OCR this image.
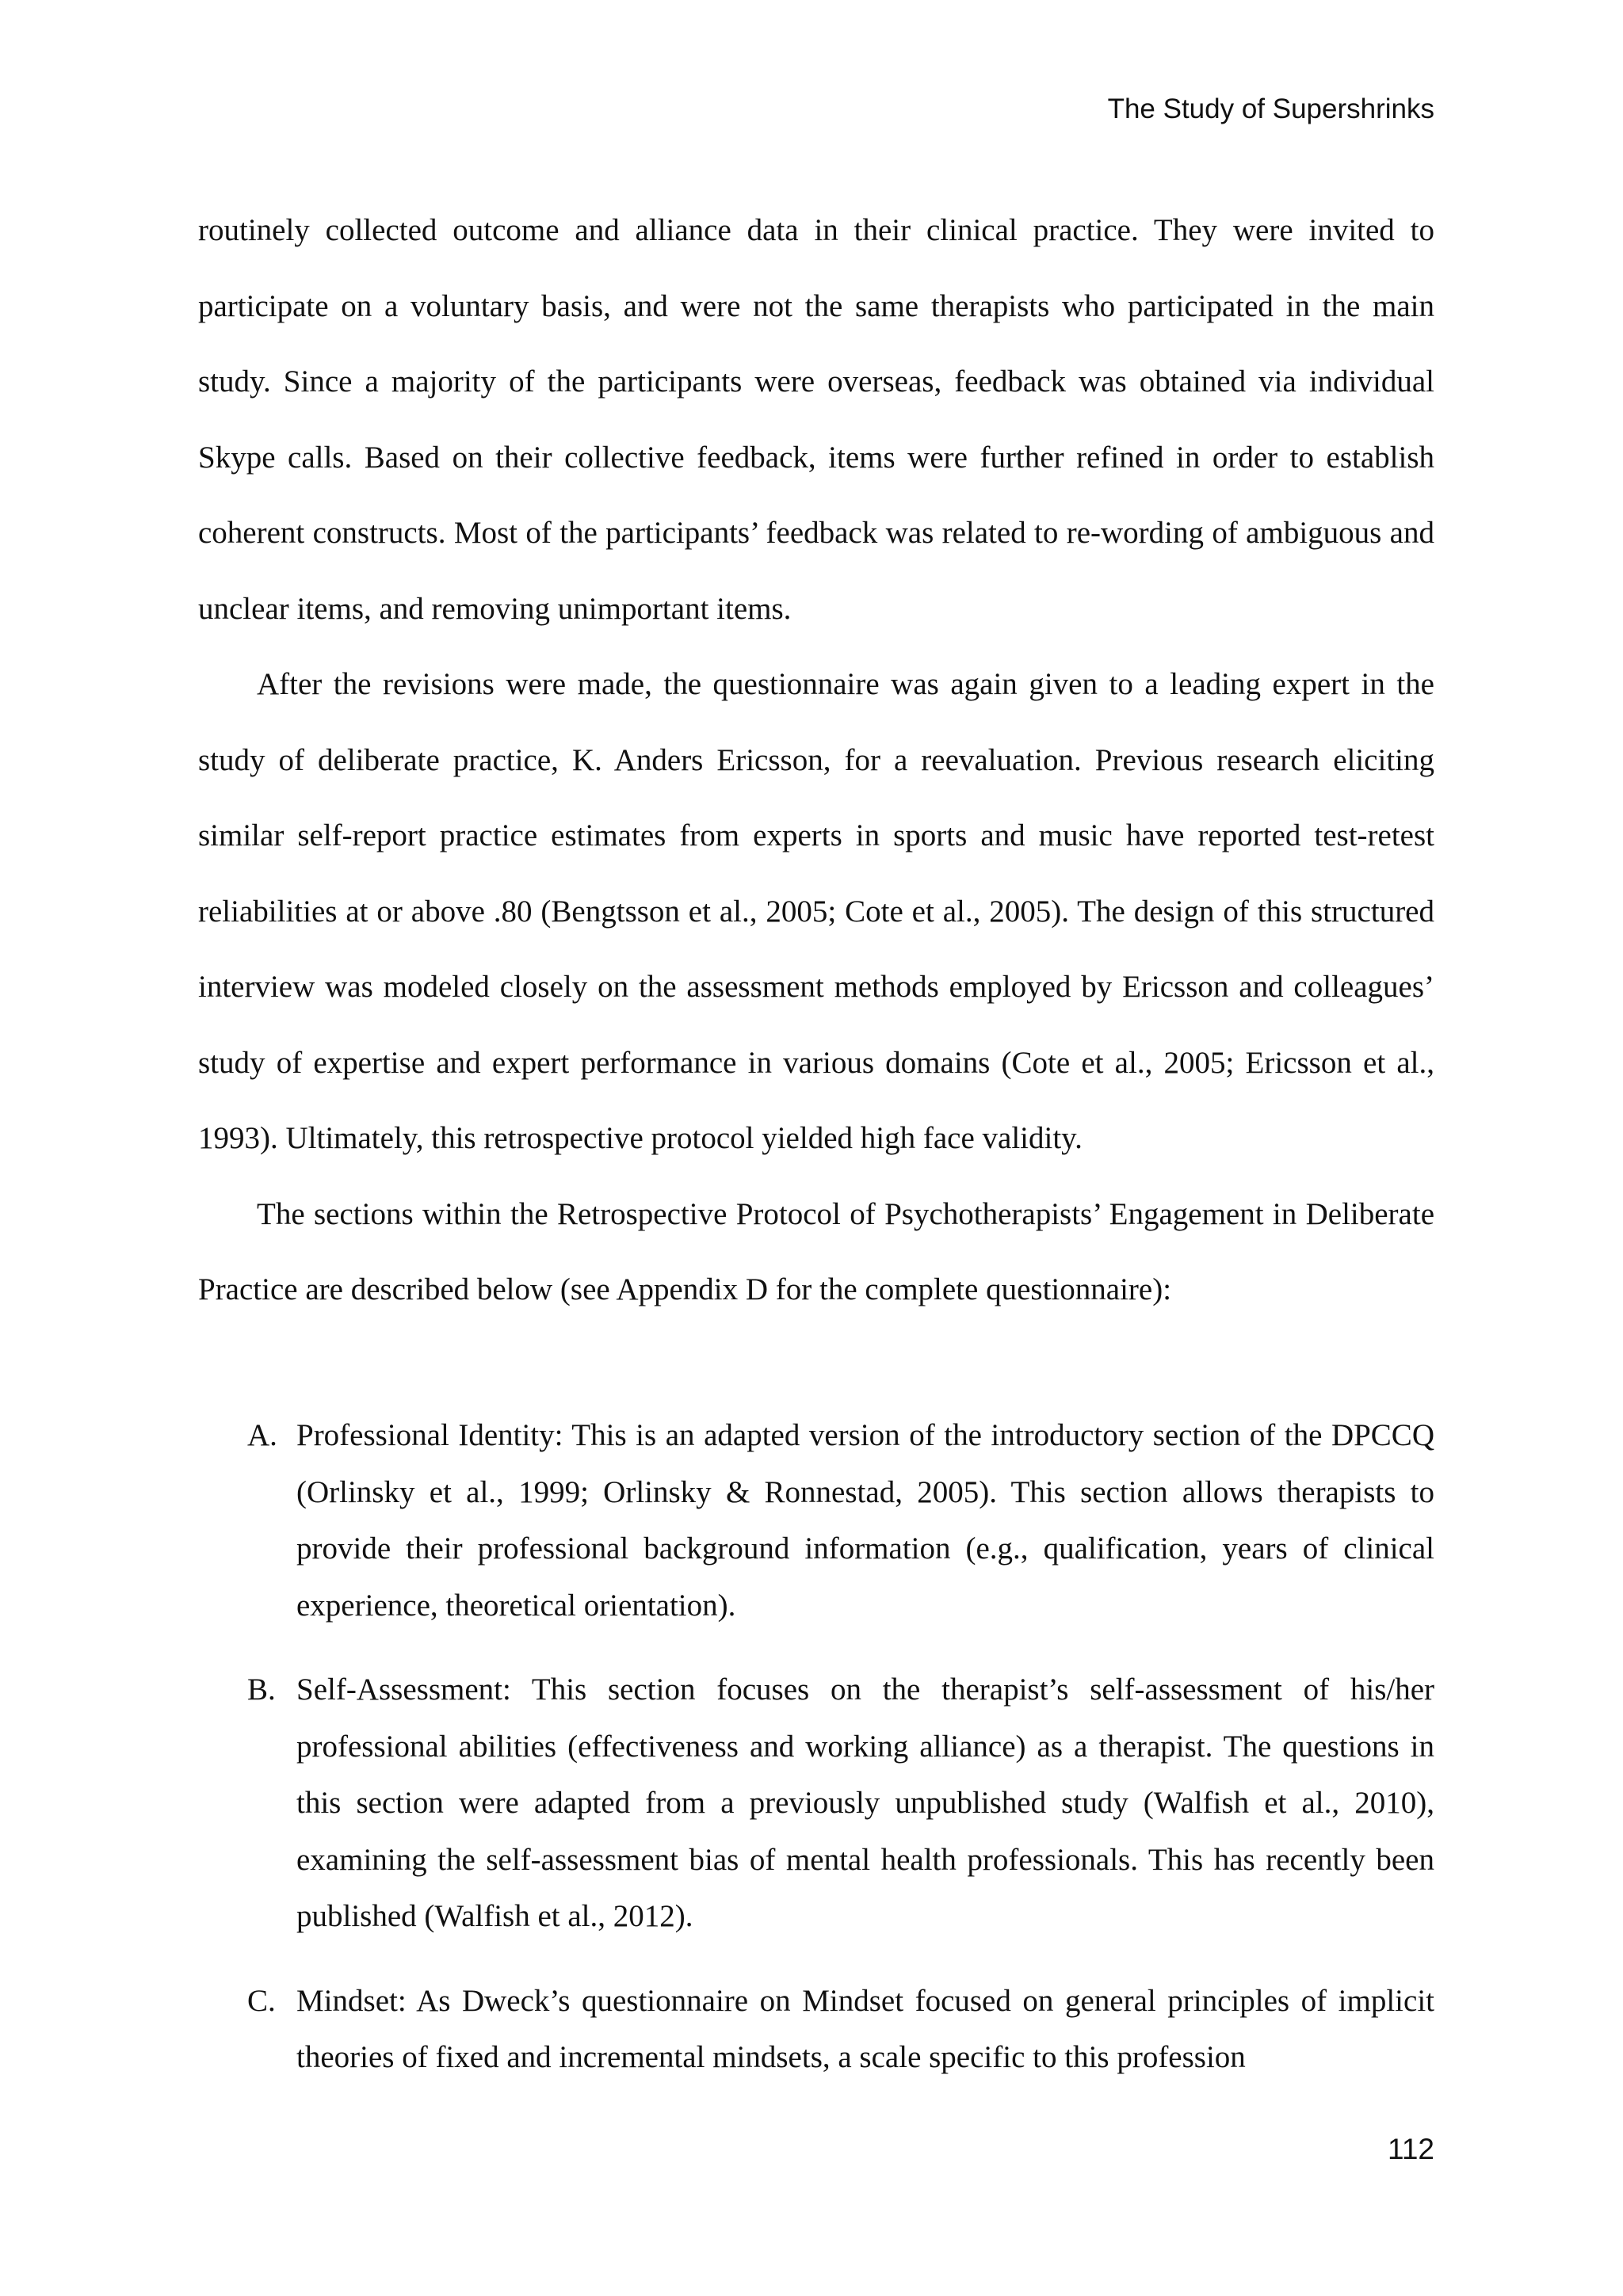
The Study of Supershrinks

routinely collected outcome and alliance data in their clinical practice. They were invited to participate on a voluntary basis, and were not the same therapists who participated in the main study. Since a majority of the participants were overseas, feedback was obtained via individual Skype calls. Based on their collective feedback, items were further refined in order to establish coherent constructs. Most of the participants’ feedback was related to re-wording of ambiguous and unclear items, and removing unimportant items.

After the revisions were made, the questionnaire was again given to a leading expert in the study of deliberate practice, K. Anders Ericsson, for a reevaluation. Previous research eliciting similar self-report practice estimates from experts in sports and music have reported test-retest reliabilities at or above .80 (Bengtsson et al., 2005; Cote et al., 2005). The design of this structured interview was modeled closely on the assessment methods employed by Ericsson and colleagues’ study of expertise and expert performance in various domains (Cote et al., 2005; Ericsson et al., 1993). Ultimately, this retrospective protocol yielded high face validity.

The sections within the Retrospective Protocol of Psychotherapists’ Engagement in Deliberate Practice are described below (see Appendix D for the complete questionnaire):

A. Professional Identity: This is an adapted version of the introductory section of the DPCCQ (Orlinsky et al., 1999; Orlinsky & Ronnestad, 2005). This section allows therapists to provide their professional background information (e.g., qualification, years of clinical experience, theoretical orientation).
B. Self-Assessment: This section focuses on the therapist’s self-assessment of his/her professional abilities (effectiveness and working alliance) as a therapist. The questions in this section were adapted from a previously unpublished study (Walfish et al., 2010), examining the self-assessment bias of mental health professionals. This has recently been published (Walfish et al., 2012).
C. Mindset: As Dweck’s questionnaire on Mindset focused on general principles of implicit theories of fixed and incremental mindsets, a scale specific to this profession
112
